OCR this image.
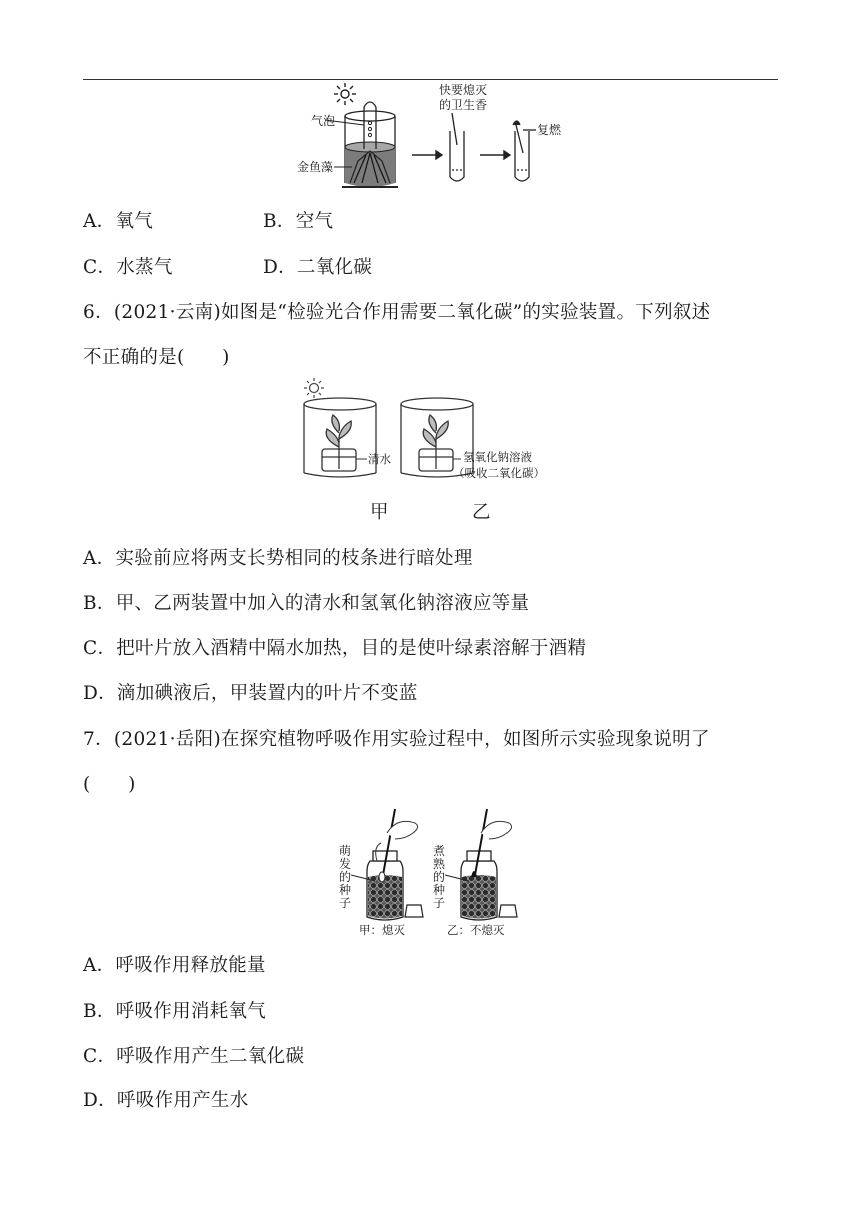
气泡
金鱼藻
快要熄灭的卫生香
复燃
A．氧气	B．空气
C．水蒸气	D．二氧化碳
6．(2021·云南)如图是“检验光合作用需要二氧化碳”的实验装置。下列叙述
不正确的是(　　)
清水	氢氧化钠溶液
（吸收二氧化碳）
甲	乙
A．实验前应将两支长势相同的枝条进行暗处理
B．甲、乙两装置中加入的清水和氢氧化钠溶液应等量
C．把叶片放入酒精中隔水加热，目的是使叶绿素溶解于酒精
D．滴加碘液后，甲装置内的叶片不变蓝
7．(2021·岳阳)在探究植物呼吸作用实验过程中，如图所示实验现象说明了
(　　)
萌发的种子
煮熟的种子
甲：熄灭	乙：不熄灭
A．呼吸作用释放能量
B．呼吸作用消耗氧气
C．呼吸作用产生二氧化碳
D．呼吸作用产生水
